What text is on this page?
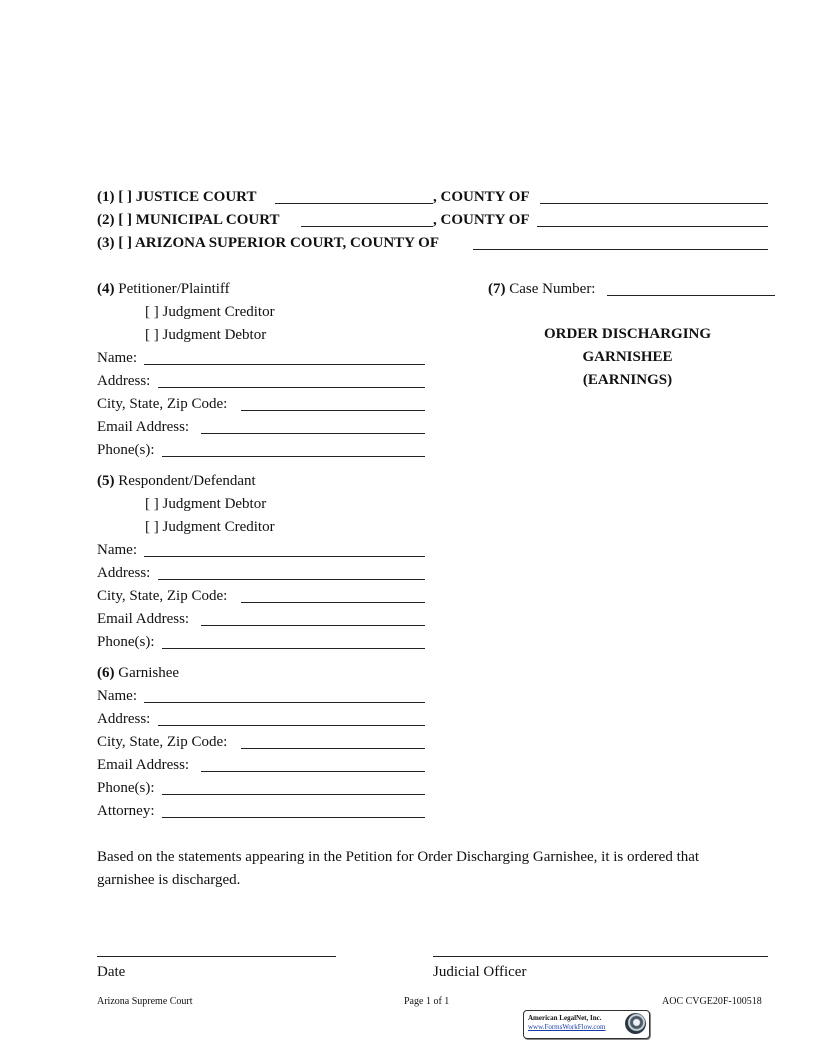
(1) [ ] JUSTICE COURT	, COUNTY OF
(2) [ ] MUNICIPAL COURT	, COUNTY OF
(3) [ ] ARIZONA SUPERIOR COURT, COUNTY OF
(4) Petitioner/Plaintiff
[ ] Judgment Creditor
[ ] Judgment Debtor
Name:
Address:
City, State, Zip Code:
Email Address:
Phone(s):
(5) Respondent/Defendant
[ ] Judgment Debtor
[ ] Judgment Creditor
Name:
Address:
City, State, Zip Code:
Email Address:
Phone(s):
(6) Garnishee
Name:
Address:
City, State, Zip Code:
Email Address:
Phone(s):
Attorney:
(7) Case Number:
ORDER DISCHARGING
GARNISHEE
(EARNINGS)
Based on the statements appearing in the Petition for Order Discharging Garnishee, it is ordered that
garnishee is discharged.
Date	Judicial Officer
Arizona Supreme Court	Page 1 of 1	AOC CVGE20F-100518
American LegalNet, Inc.
www.FormsWorkFlow.com
